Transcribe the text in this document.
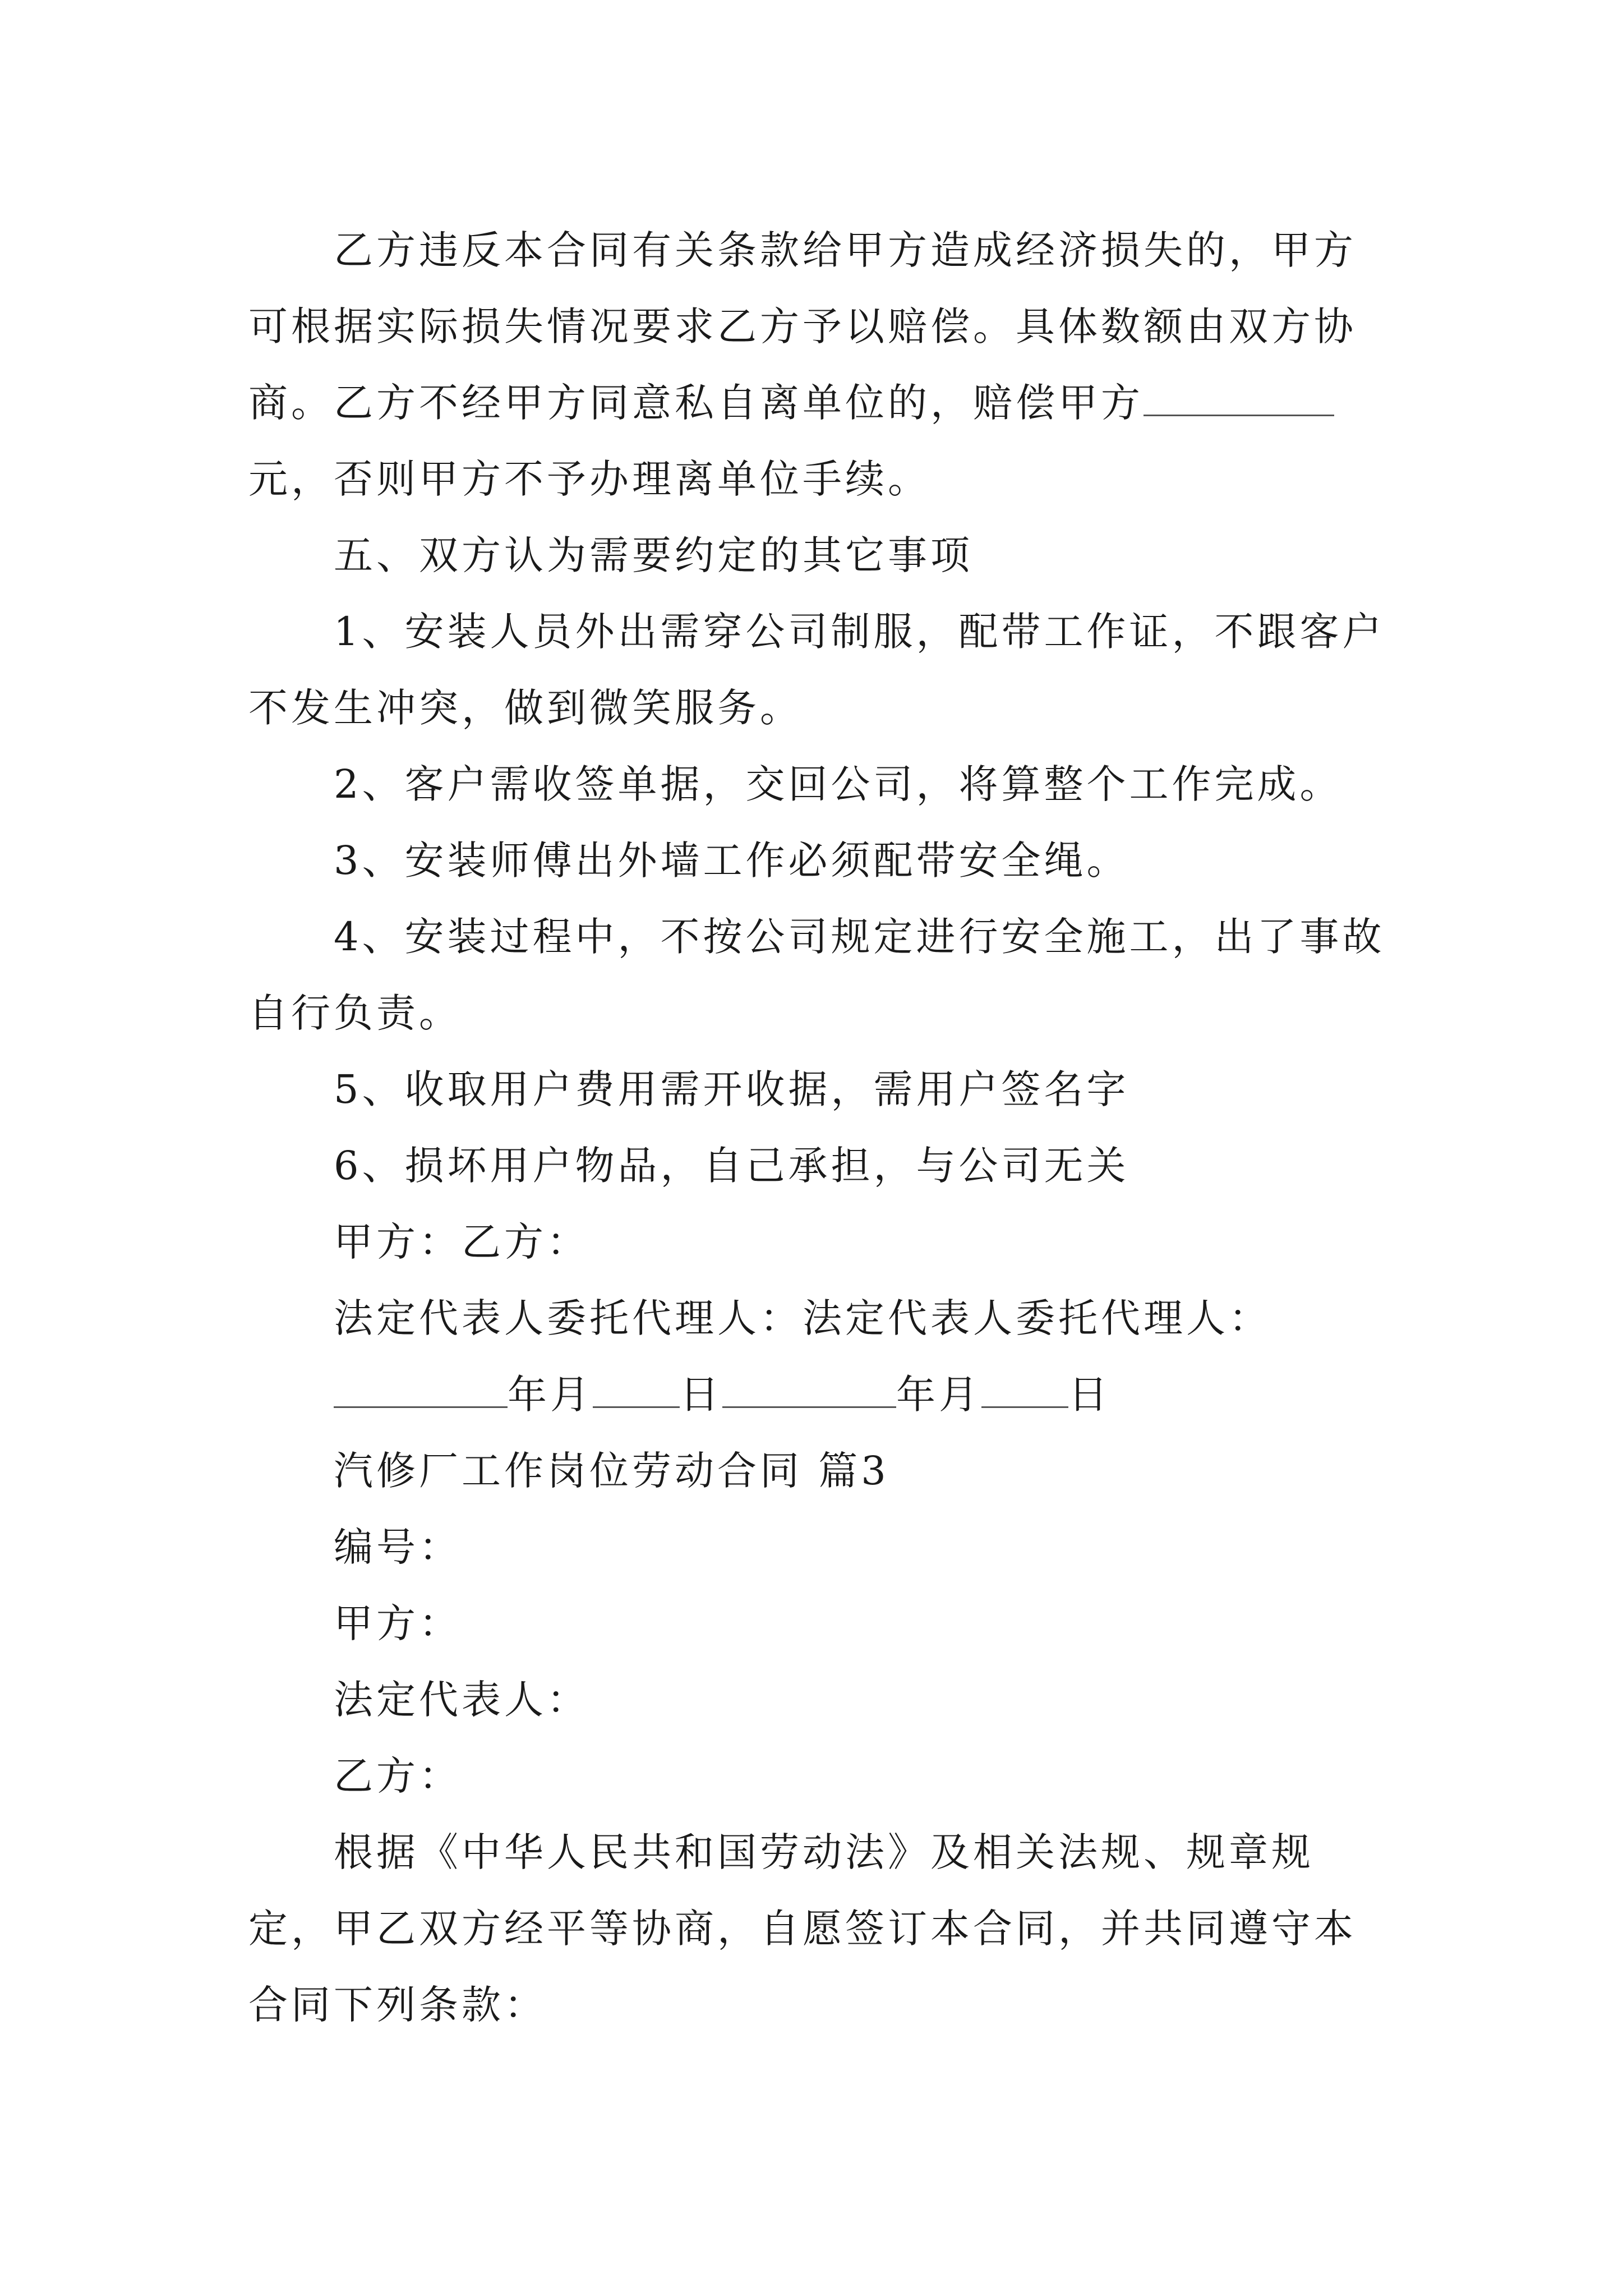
乙方违反本合同有关条款给甲方造成经济损失的，甲方可根据实际损失情况要求乙方予以赔偿。具体数额由双方协商。乙方不经甲方同意私自离单位的，赔偿甲方元，否则甲方不予办理离单位手续。

五、双方认为需要约定的其它事项

1、安装人员外出需穿公司制服，配带工作证，不跟客户不发生冲突，做到微笑服务。

2、客户需收签单据，交回公司，将算整个工作完成。

3、安装师傅出外墙工作必须配带安全绳。

4、安装过程中，不按公司规定进行安全施工，出了事故自行负责。

5、收取用户费用需开收据，需用户签名字

6、损坏用户物品，自己承担，与公司无关

甲方：乙方：

法定代表人委托代理人：法定代表人委托代理人：

年月 日	年月 日

汽修厂工作岗位劳动合同 篇3

编号：

甲方：

法定代表人：

乙方：

根据《中华人民共和国劳动法》及相关法规、规章规定，甲乙双方经平等协商，自愿签订本合同，并共同遵守本合同下列条款：
